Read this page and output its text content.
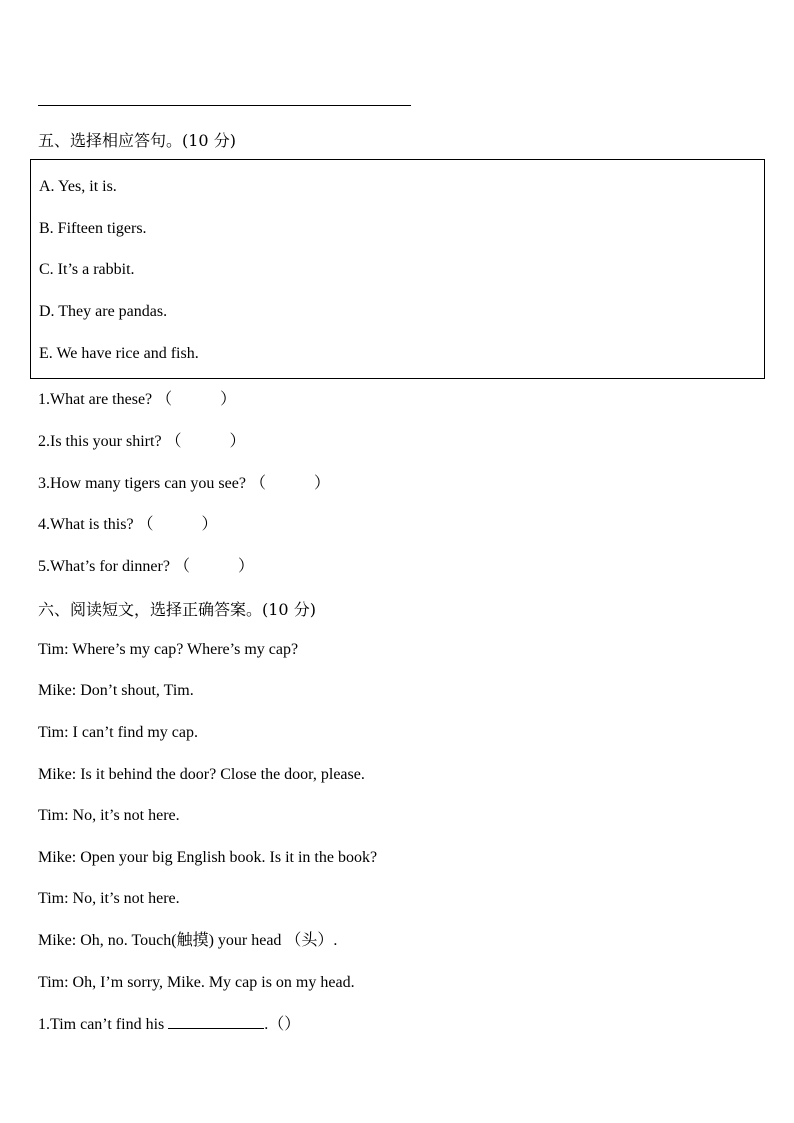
五、选择相应答句。(10 分)
A. Yes, it is.
B. Fifteen tigers.
C. It’s a rabbit.
D. They are pandas.
E. We have rice and fish.
1.What are these? （　　　）
2.Is this your shirt? （　　　）
3.How many tigers can you see? （　　　）
4.What is this? （　　　）
5.What’s for dinner? （　　　）
六、阅读短文，选择正确答案。(10 分)
Tim: Where’s my cap? Where’s my cap?
Mike: Don’t shout, Tim.
Tim: I can’t find my cap.
Mike: Is it behind the door? Close the door, please.
Tim: No, it’s not here.
Mike: Open your big English book. Is it in the book?
Tim: No, it’s not here.
Mike: Oh, no. Touch(触摸) your head （头）.
Tim: Oh, I’m sorry, Mike. My cap is on my head.
1.Tim can’t find his	.（）
